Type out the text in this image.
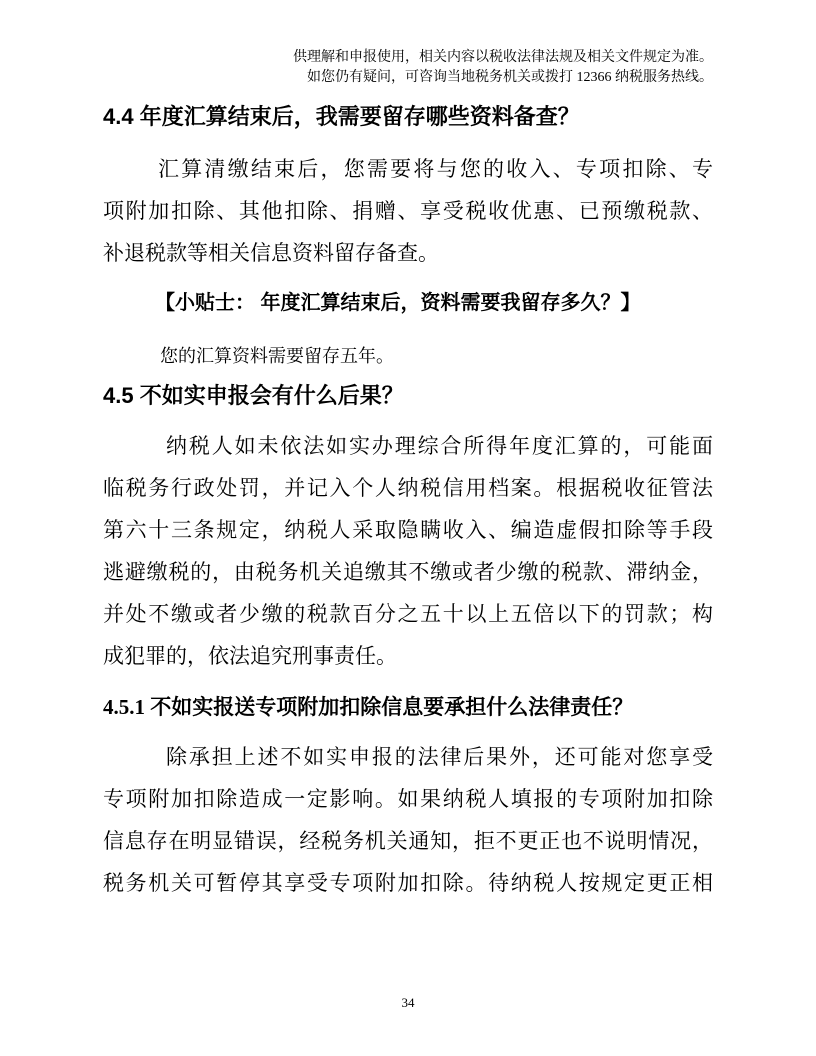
供理解和申报使用，相关内容以税收法律法规及相关文件规定为准。
如您仍有疑问，可咨询当地税务机关或拨打 12366 纳税服务热线。
4.4 年度汇算结束后，我需要留存哪些资料备查？
汇算清缴结束后，您需要将与您的收入、专项扣除、专
项附加扣除、其他扣除、捐赠、享受税收优惠、已预缴税款、
补退税款等相关信息资料留存备查。
【小贴士： 年度汇算结束后，资料需要我留存多久？】
您的汇算资料需要留存五年。
4.5 不如实申报会有什么后果？
纳税人如未依法如实办理综合所得年度汇算的，可能面
临税务行政处罚，并记入个人纳税信用档案。根据税收征管法
第六十三条规定，纳税人采取隐瞒收入、编造虚假扣除等手段
逃避缴税的，由税务机关追缴其不缴或者少缴的税款、滞纳金，
并处不缴或者少缴的税款百分之五十以上五倍以下的罚款；构
成犯罪的，依法追究刑事责任。
4.5.1 不如实报送专项附加扣除信息要承担什么法律责任？
除承担上述不如实申报的法律后果外，还可能对您享受
专项附加扣除造成一定影响。如果纳税人填报的专项附加扣除
信息存在明显错误，经税务机关通知，拒不更正也不说明情况，
税务机关可暂停其享受专项附加扣除。待纳税人按规定更正相
34
